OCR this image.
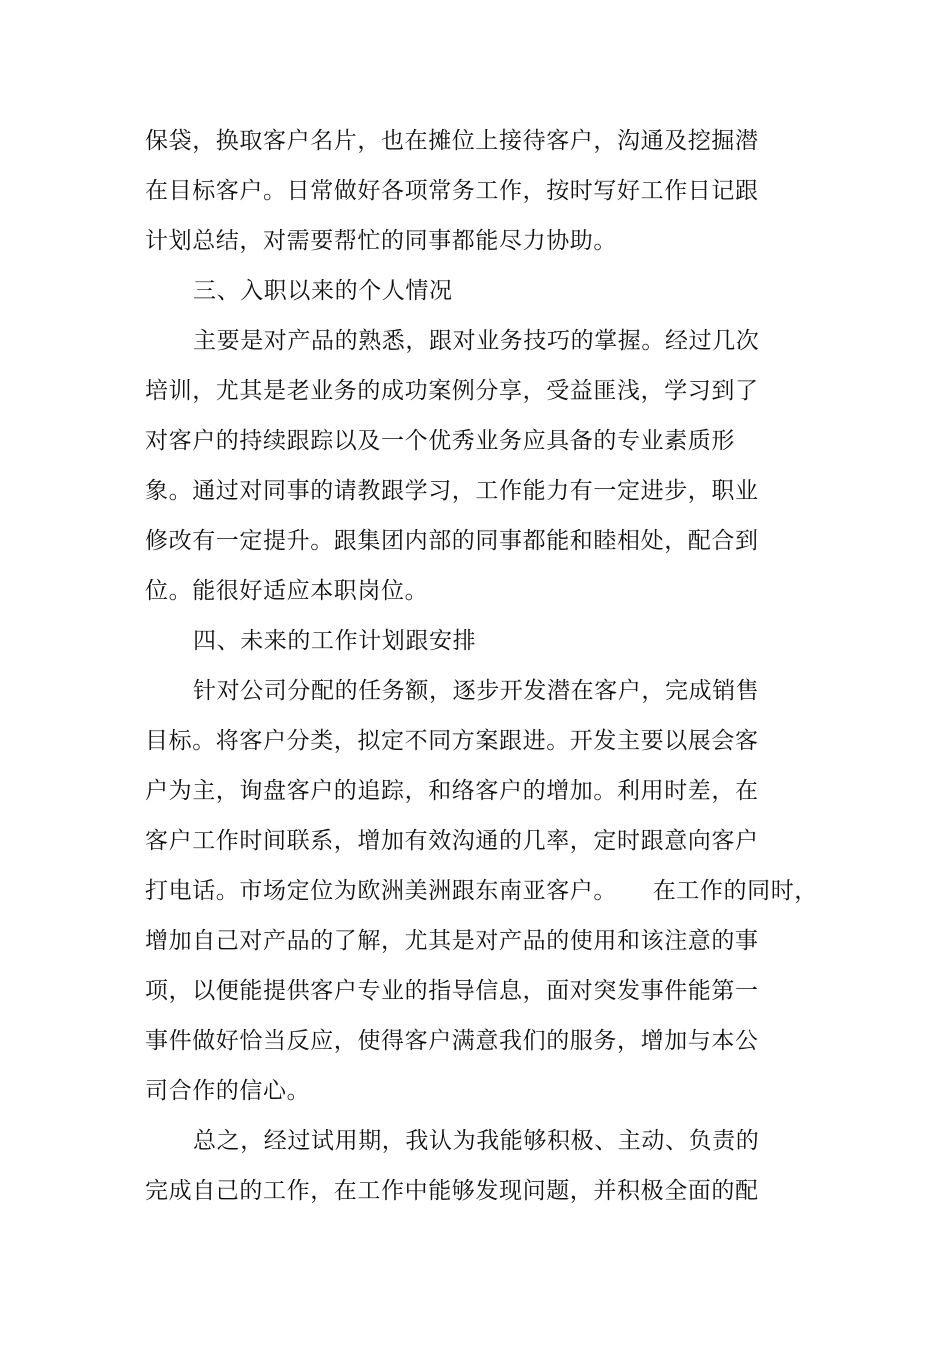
保袋，换取客户名片，也在摊位上接待客户，沟通及挖掘潜
在目标客户。日常做好各项常务工作，按时写好工作日记跟
计划总结，对需要帮忙的同事都能尽力协助。
三、入职以来的个人情况
主要是对产品的熟悉，跟对业务技巧的掌握。经过几次
培训，尤其是老业务的成功案例分享，受益匪浅，学习到了
对客户的持续跟踪以及一个优秀业务应具备的专业素质形
象。通过对同事的请教跟学习，工作能力有一定进步，职业
修改有一定提升。跟集团内部的同事都能和睦相处，配合到
位。能很好适应本职岗位。
四、未来的工作计划跟安排
针对公司分配的任务额，逐步开发潜在客户，完成销售
目标。将客户分类，拟定不同方案跟进。开发主要以展会客
户为主，询盘客户的追踪，和络客户的增加。利用时差，在
客户工作时间联系，增加有效沟通的几率，定时跟意向客户
打电话。市场定位为欧洲美洲跟东南亚客户。　　在工作的同时，
增加自己对产品的了解，尤其是对产品的使用和该注意的事
项，以便能提供客户专业的指导信息，面对突发事件能第一
事件做好恰当反应，使得客户满意我们的服务，增加与本公
司合作的信心。
总之，经过试用期，我认为我能够积极、主动、负责的
完成自己的工作，在工作中能够发现问题，并积极全面的配
